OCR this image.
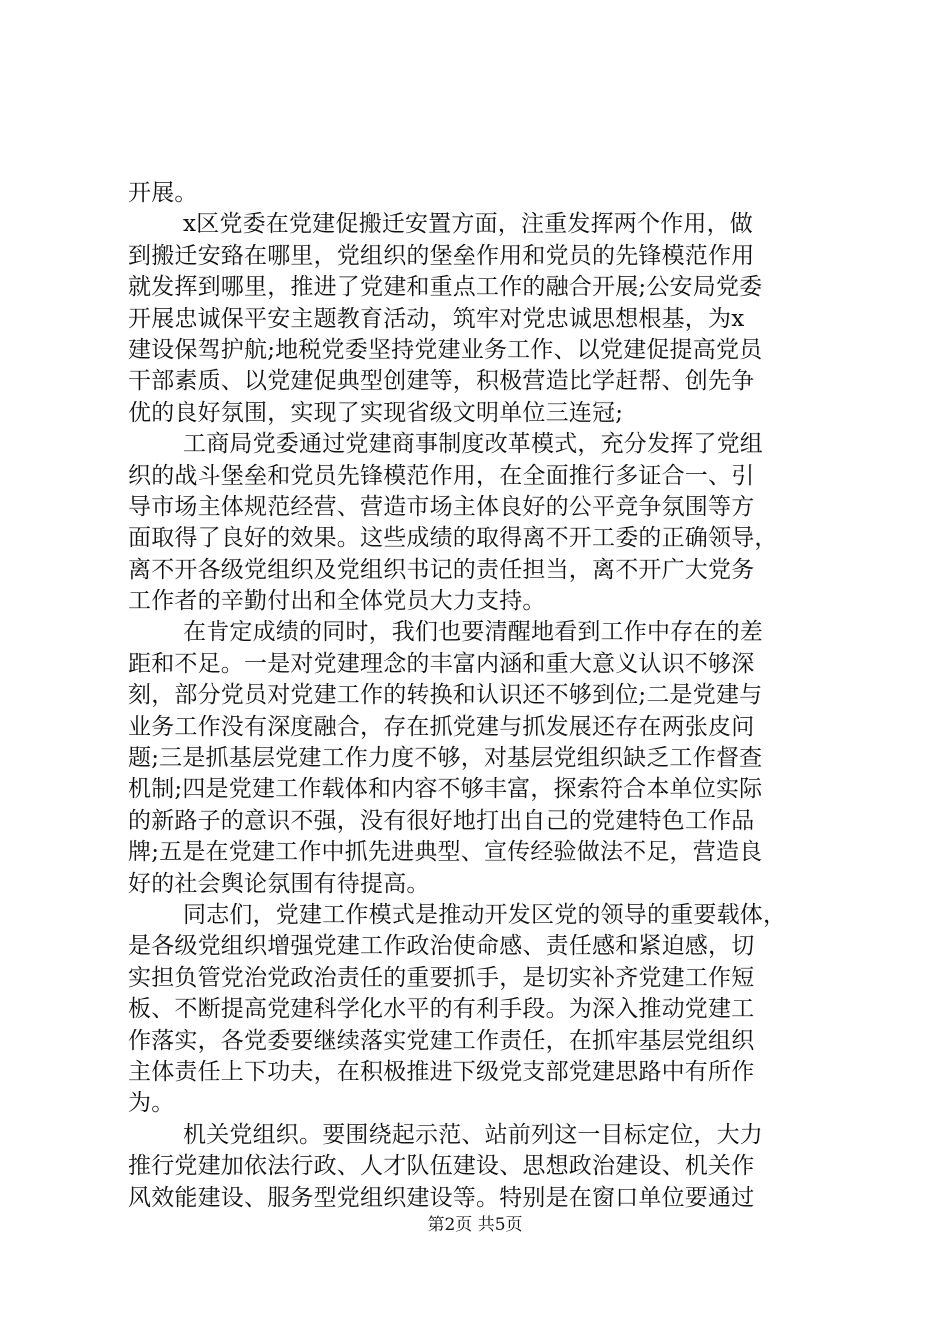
开展。
x区党委在党建促搬迁安置方面，注重发挥两个作用，做
到搬迁安臵在哪里，党组织的堡垒作用和党员的先锋模范作用
就发挥到哪里，推进了党建和重点工作的融合开展;公安局党委
开展忠诚保平安主题教育活动，筑牢对党忠诚思想根基，为x
建设保驾护航;地税党委坚持党建业务工作、以党建促提高党员
干部素质、以党建促典型创建等，积极营造比学赶帮、创先争
优的良好氛围，实现了实现省级文明单位三连冠;
工商局党委通过党建商事制度改革模式，充分发挥了党组
织的战斗堡垒和党员先锋模范作用，在全面推行多证合一、引
导市场主体规范经营、营造市场主体良好的公平竞争氛围等方
面取得了良好的效果。这些成绩的取得离不开工委的正确领导，
离不开各级党组织及党组织书记的责任担当，离不开广大党务
工作者的辛勤付出和全体党员大力支持。
在肯定成绩的同时，我们也要清醒地看到工作中存在的差
距和不足。一是对党建理念的丰富内涵和重大意义认识不够深
刻，部分党员对党建工作的转换和认识还不够到位;二是党建与
业务工作没有深度融合，存在抓党建与抓发展还存在两张皮问
题;三是抓基层党建工作力度不够，对基层党组织缺乏工作督查
机制;四是党建工作载体和内容不够丰富，探索符合本单位实际
的新路子的意识不强，没有很好地打出自己的党建特色工作品
牌;五是在党建工作中抓先进典型、宣传经验做法不足，营造良
好的社会舆论氛围有待提高。
同志们，党建工作模式是推动开发区党的领导的重要载体，
是各级党组织增强党建工作政治使命感、责任感和紧迫感，切
实担负管党治党政治责任的重要抓手，是切实补齐党建工作短
板、不断提高党建科学化水平的有利手段。为深入推动党建工
作落实，各党委要继续落实党建工作责任，在抓牢基层党组织
主体责任上下功夫，在积极推进下级党支部党建思路中有所作
为。
机关党组织。要围绕起示范、站前列这一目标定位，大力
推行党建加依法行政、人才队伍建设、思想政治建设、机关作
风效能建设、服务型党组织建设等。特别是在窗口单位要通过
第2页 共5页
